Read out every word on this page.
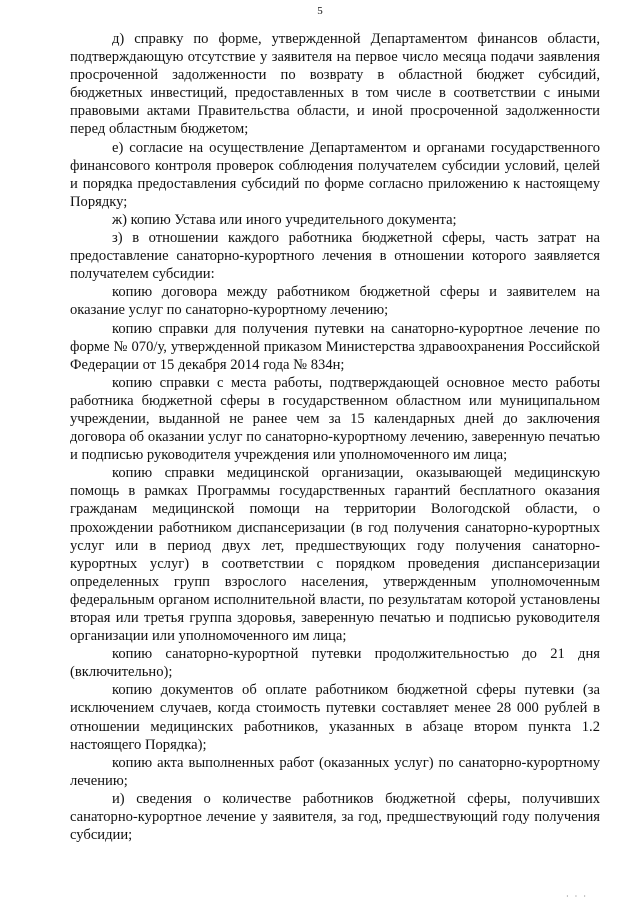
5

д) справку по форме, утвержденной Департаментом финансов области, подтверждающую отсутствие у заявителя на первое число месяца подачи заявления просроченной задолженности по возврату в областной бюджет субсидий, бюджетных инвестиций, предоставленных в том числе в соответствии с иными правовыми актами Правительства области, и иной просроченной задолженности перед областным бюджетом;

е) согласие на осуществление Департаментом и органами государственного финансового контроля проверок соблюдения получателем субсидии условий, целей и порядка предоставления субсидий по форме согласно приложению к настоящему Порядку;

ж) копию Устава или иного учредительного документа;

з) в отношении каждого работника бюджетной сферы, часть затрат на предоставление санаторно-курортного лечения в отношении которого заявляется получателем субсидии:

копию договора между работником бюджетной сферы и заявителем на оказание услуг по санаторно-курортному лечению;

копию справки для получения путевки на санаторно-курортное лечение по форме № 070/у, утвержденной приказом Министерства здравоохранения Российской Федерации от 15 декабря 2014 года № 834н;

копию справки с места работы, подтверждающей основное место работы работника бюджетной сферы в государственном областном или муниципальном учреждении, выданной не ранее чем за 15 календарных дней до заключения договора об оказании услуг по санаторно-курортному лечению, заверенную печатью и подписью руководителя учреждения или уполномоченного им лица;

копию справки медицинской организации, оказывающей медицинскую помощь в рамках Программы государственных гарантий бесплатного оказания гражданам медицинской помощи на территории Вологодской области, о прохождении работником диспансеризации (в год получения санаторно-курортных услуг или в период двух лет, предшествующих году получения санаторно-курортных услуг) в соответствии с порядком проведения диспансеризации определенных групп взрослого населения, утвержденным уполномоченным федеральным органом исполнительной власти, по результатам которой установлены вторая или третья группа здоровья, заверенную печатью и подписью руководителя организации или уполномоченного им лица;

копию санаторно-курортной путевки продолжительностью до 21 дня (включительно);

копию документов об оплате работником бюджетной сферы путевки (за исключением случаев, когда стоимость путевки составляет менее 28 000 рублей в отношении медицинских работников, указанных в абзаце втором пункта 1.2 настоящего Порядка);

копию акта выполненных работ (оказанных услуг) по санаторно-курортному лечению;

и) сведения о количестве работников бюджетной сферы, получивших санаторно-курортное лечение у заявителя, за год, предшествующий году получения субсидии;

· · ·
